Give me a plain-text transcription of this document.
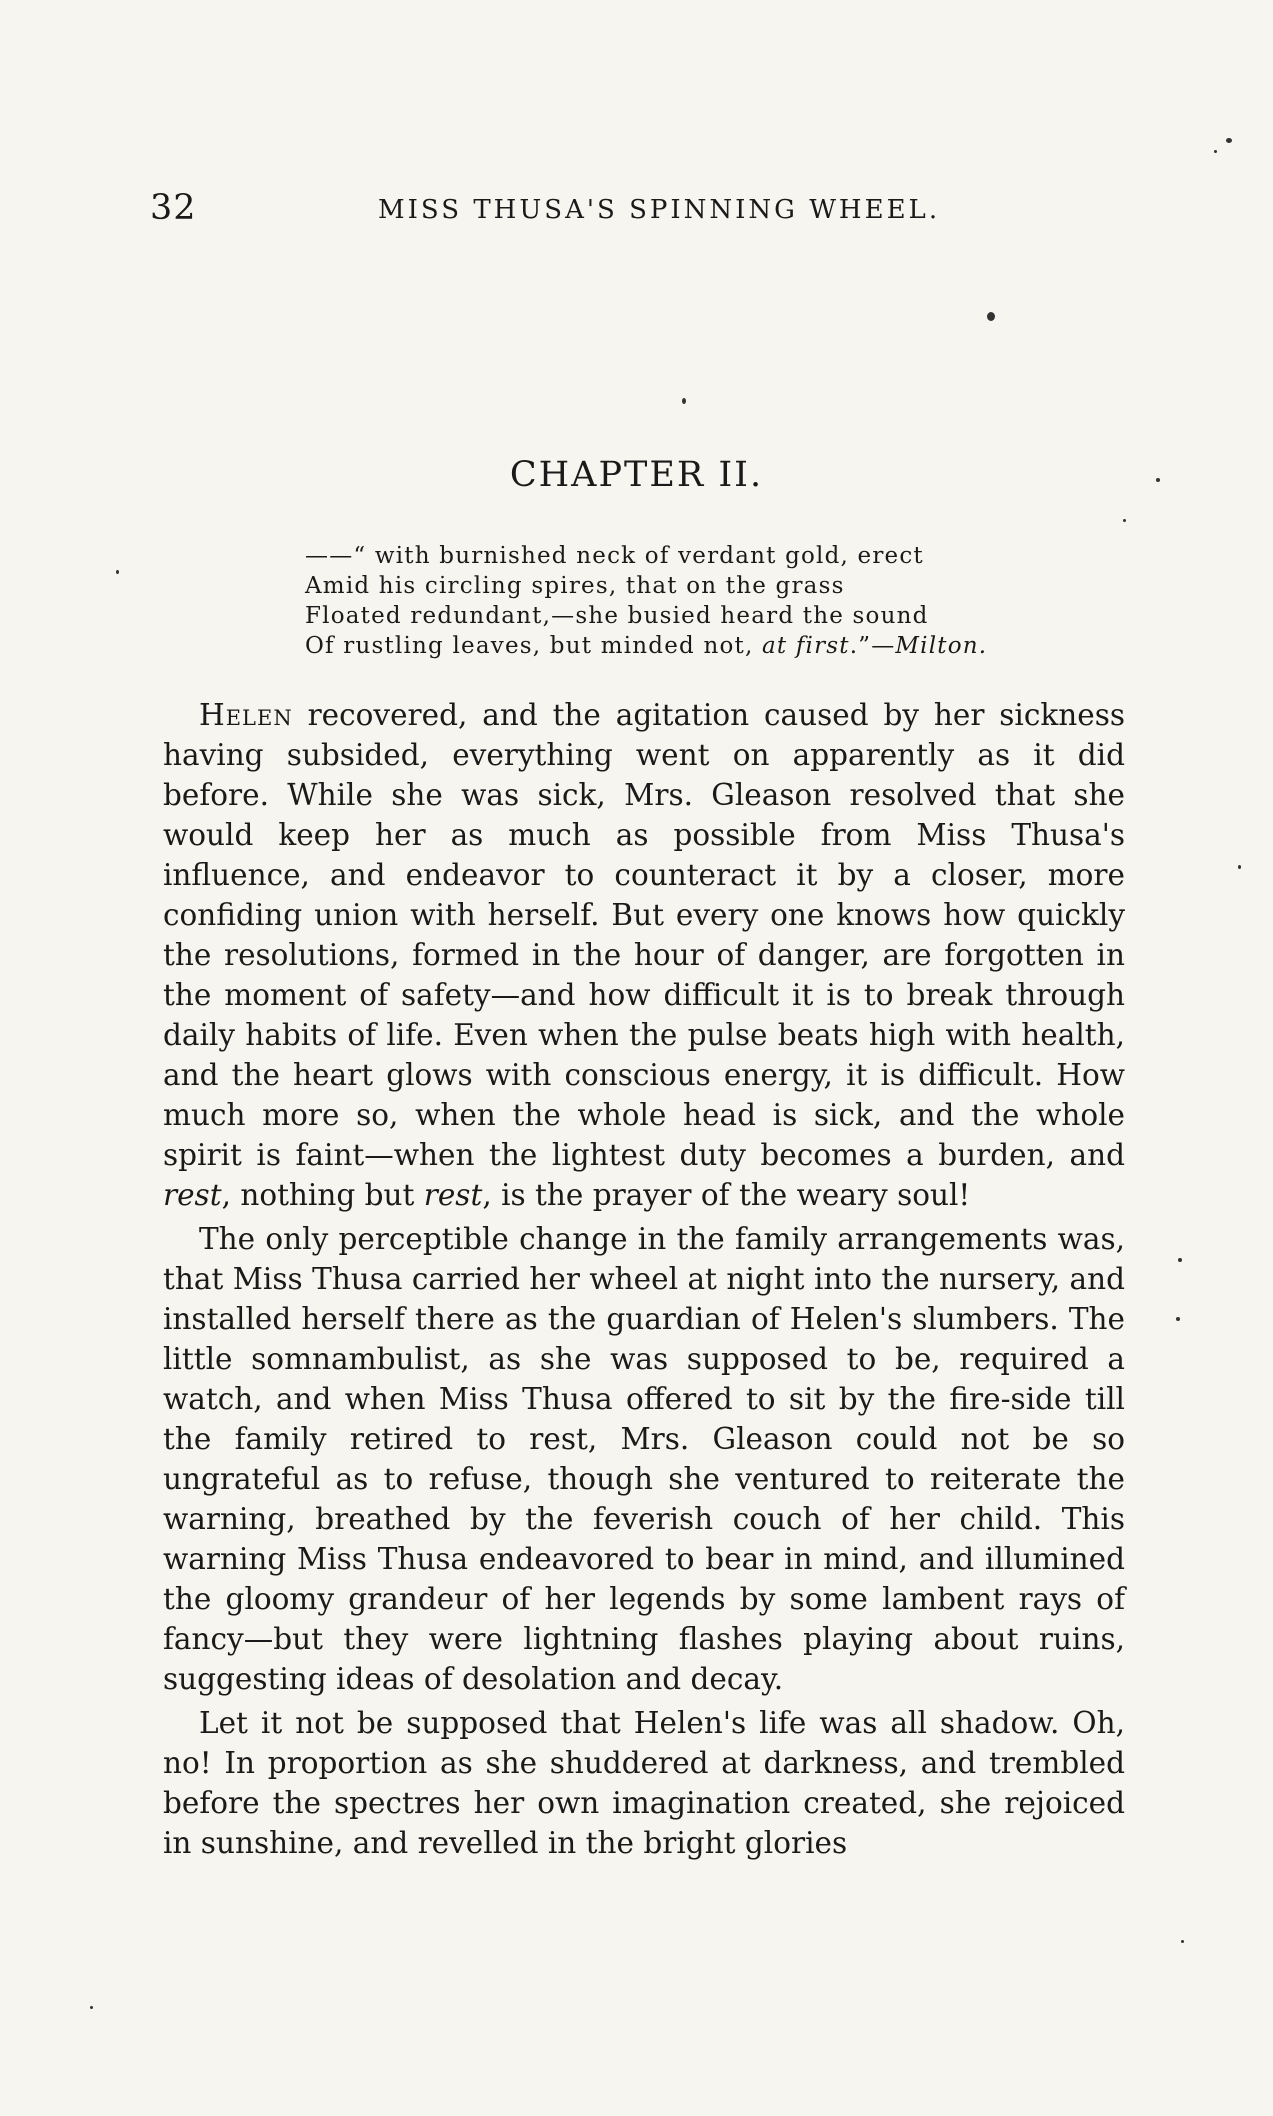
32	MISS THUSA'S SPINNING WHEEL.
CHAPTER II.
——“ with burnished neck of verdant gold, erect
Amid his circling spires, that on the grass
Floated redundant,—she busied heard the sound
Of rustling leaves, but minded not, at first.”—Milton.

Helen recovered, and the agitation caused by her sickness having subsided, everything went on apparently as it did before. While she was sick, Mrs. Gleason resolved that she would keep her as much as possible from Miss Thusa's influence, and endeavor to counteract it by a closer, more confiding union with herself. But every one knows how quickly the resolutions, formed in the hour of danger, are forgotten in the moment of safety—and how difficult it is to break through daily habits of life. Even when the pulse beats high with health, and the heart glows with conscious energy, it is difficult. How much more so, when the whole head is sick, and the whole spirit is faint—when the lightest duty becomes a burden, and rest, nothing but rest, is the prayer of the weary soul!

The only perceptible change in the family arrangements was, that Miss Thusa carried her wheel at night into the nursery, and installed herself there as the guardian of Helen's slumbers. The little somnambulist, as she was supposed to be, required a watch, and when Miss Thusa offered to sit by the fire-side till the family retired to rest, Mrs. Gleason could not be so ungrateful as to refuse, though she ventured to reiterate the warning, breathed by the feverish couch of her child. This warning Miss Thusa endeavored to bear in mind, and illumined the gloomy grandeur of her legends by some lambent rays of fancy—but they were lightning flashes playing about ruins, suggesting ideas of desolation and decay.

Let it not be supposed that Helen's life was all shadow. Oh, no! In proportion as she shuddered at darkness, and trembled before the spectres her own imagination created, she rejoiced in sunshine, and revelled in the bright glories
